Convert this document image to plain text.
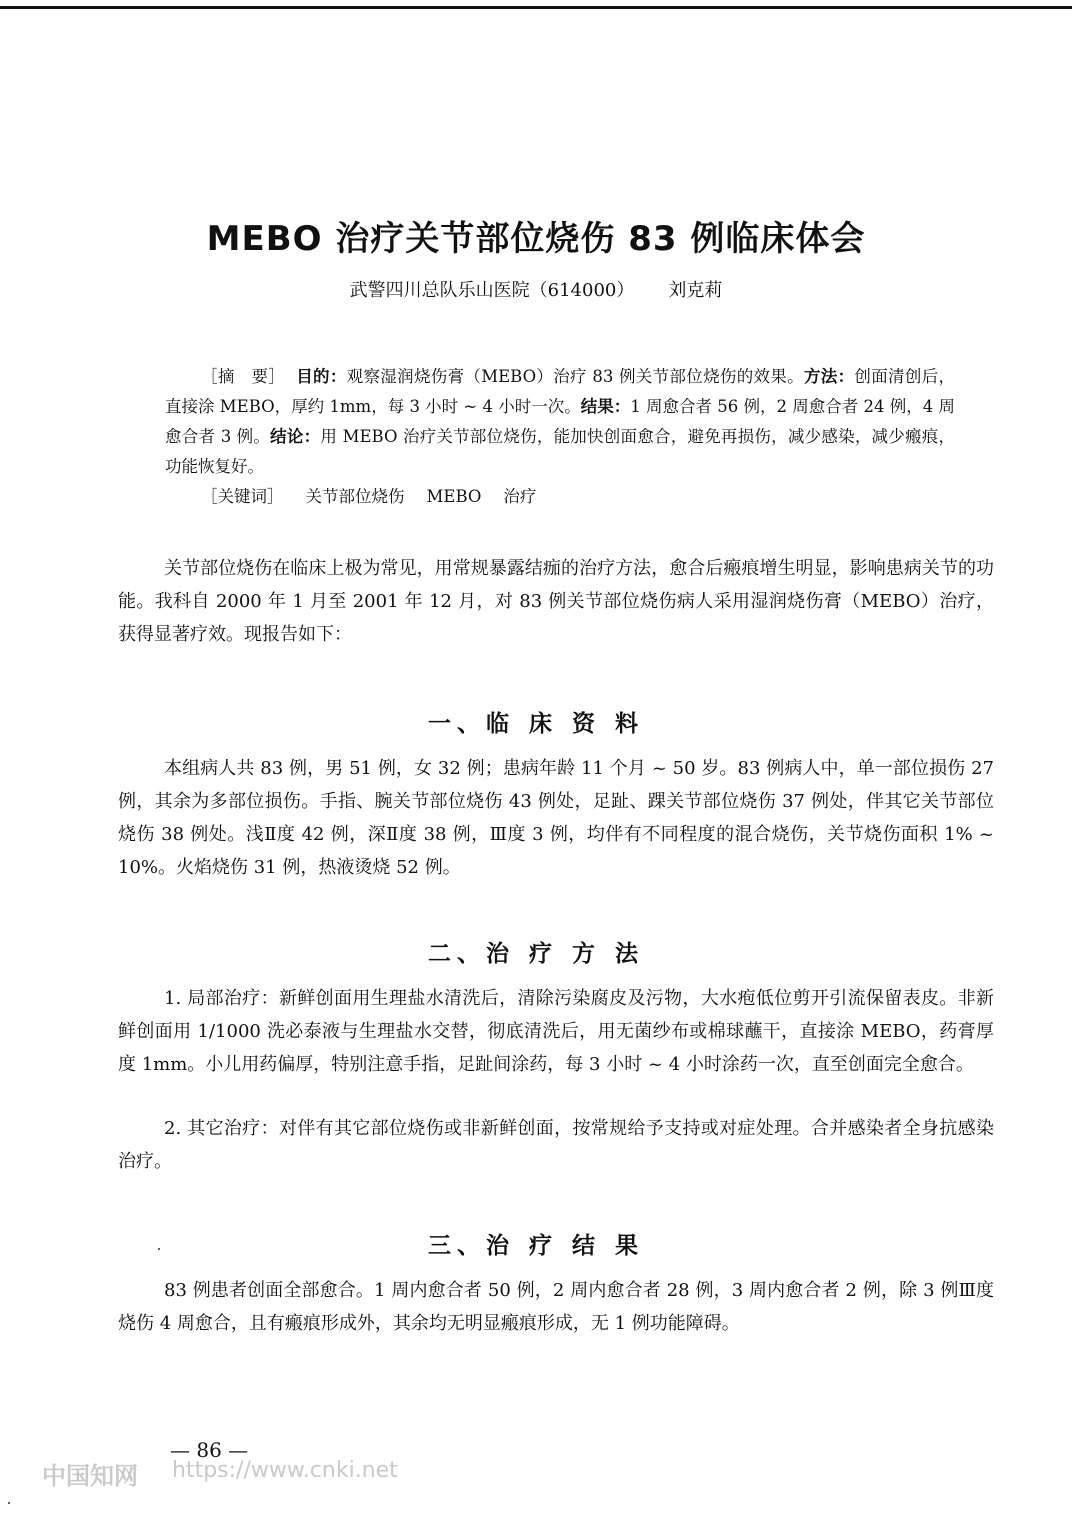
MEBO 治疗关节部位烧伤 83 例临床体会
武警四川总队乐山医院（614000） 刘克莉

［摘　要］ 目的：观察湿润烧伤膏（MEBO）治疗 83 例关节部位烧伤的效果。方法：创面清创后，直接涂 MEBO，厚约 1mm，每 3 小时 ~ 4 小时一次。结果：1 周愈合者 56 例，2 周愈合者 24 例，4 周愈合者 3 例。结论：用 MEBO 治疗关节部位烧伤，能加快创面愈合，避免再损伤，减少感染，减少瘢痕，功能恢复好。

［关键词］ 关节部位烧伤 MEBO 治疗

关节部位烧伤在临床上极为常见，用常规暴露结痂的治疗方法，愈合后瘢痕增生明显，影响患病关节的功能。我科自 2000 年 1 月至 2001 年 12 月，对 83 例关节部位烧伤病人采用湿润烧伤膏（MEBO）治疗，获得显著疗效。现报告如下：

一、临 床 资 料

本组病人共 83 例，男 51 例，女 32 例；患病年龄 11 个月 ~ 50 岁。83 例病人中，单一部位损伤 27 例，其余为多部位损伤。手指、腕关节部位烧伤 43 例处，足趾、踝关节部位烧伤 37 例处，伴其它关节部位烧伤 38 例处。浅Ⅱ度 42 例，深Ⅱ度 38 例，Ⅲ度 3 例，均伴有不同程度的混合烧伤，关节烧伤面积 1% ~ 10%。火焰烧伤 31 例，热液烫烧 52 例。

二、治 疗 方 法

1. 局部治疗：新鲜创面用生理盐水清洗后，清除污染腐皮及污物，大水疱低位剪开引流保留表皮。非新鲜创面用 1/1000 洗必泰液与生理盐水交替，彻底清洗后，用无菌纱布或棉球蘸干，直接涂 MEBO，药膏厚度 1mm。小儿用药偏厚，特别注意手指，足趾间涂药，每 3 小时 ~ 4 小时涂药一次，直至创面完全愈合。

2. 其它治疗：对伴有其它部位烧伤或非新鲜创面，按常规给予支持或对症处理。合并感染者全身抗感染治疗。

三、治 疗 结 果

83 例患者创面全部愈合。1 周内愈合者 50 例，2 周内愈合者 28 例，3 周内愈合者 2 例，除 3 例Ⅲ度烧伤 4 周愈合，且有瘢痕形成外，其余均无明显瘢痕形成，无 1 例功能障碍。

— 86 —
中国知网 https://www.cnki.net
